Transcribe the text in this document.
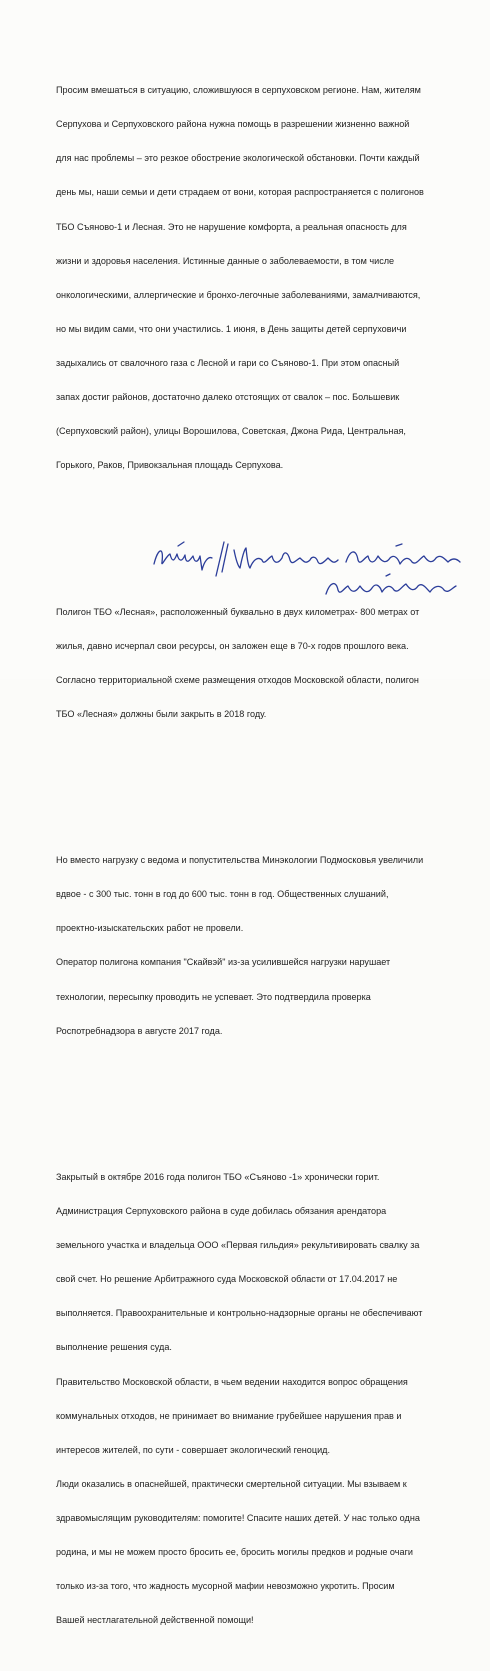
Просим вмешаться в ситуацию, сложившуюся в серпуховском регионе. Нам, жителям

Серпухова и Серпуховского района нужна помощь в разрешении жизненно важной

для нас проблемы – это резкое обострение экологической обстановки. Почти каждый

день мы, наши семьи и дети страдаем от вони, которая распространяется с полигонов

ТБО Съяново-1 и Лесная. Это не нарушение комфорта, а реальная опасность для

жизни и здоровья населения. Истинные данные о заболеваемости, в том числе

онкологическими, аллергические и бронхо-легочные заболеваниями, замалчиваются,

но мы видим сами, что они участились. 1 июня, в День защиты детей серпуховичи

задыхались от свалочного газа с Лесной и гари со Съяново-1. При этом опасный

запах достиг районов, достаточно далеко отстоящих от свалок – пос. Большевик

(Серпуховский район), улицы Ворошилова, Советская, Джона Рида, Центральная,

Горького, Раков, Привокзальная площадь Серпухова.

Полигон ТБО «Лесная», расположенный буквально в двух километрах- 800 метрах от

жилья, давно исчерпал свои ресурсы, он заложен еще в 70-х годов прошлого века.

Согласно территориальной схеме размещения отходов Московской области, полигон

ТБО «Лесная» должны были закрыть в 2018 году.

Но вместо нагрузку с ведома и попустительства Минэкологии Подмосковья увеличили

вдвое - с 300 тыс. тонн в год до 600 тыс. тонн в год. Общественных слушаний,

проектно-изыскательских работ не провели.

Оператор полигона компания "Скайвэй" из-за усилившейся нагрузки нарушает

технологии, пересыпку проводить не успевает. Это подтвердила проверка

Роспотребнадзора в августе 2017 года.

Закрытый в октябре 2016 года полигон ТБО «Съяново -1» хронически горит.

Администрация Серпуховского района в суде добилась обязания арендатора

земельного участка и владельца ООО «Первая гильдия» рекультивировать свалку за

свой счет. Но решение Арбитражного суда Московской области от 17.04.2017 не

выполняется. Правоохранительные и контрольно-надзорные органы не обеспечивают

выполнение решения суда.

Правительство Московской области, в чьем ведении находится вопрос обращения

коммунальных отходов, не принимает во внимание грубейшее нарушения прав и

интересов жителей, по сути - совершает экологический геноцид.

Люди оказались в опаснейшей, практически смертельной ситуации. Мы взываем к

здравомыслящим руководителям: помогите! Спасите наших детей. У нас только одна

родина, и мы не можем просто бросить ее, бросить могилы предков и родные очаги

только из-за того, что жадность мусорной мафии невозможно укротить. Просим

Вашей нестлагательной действенной помощи!
